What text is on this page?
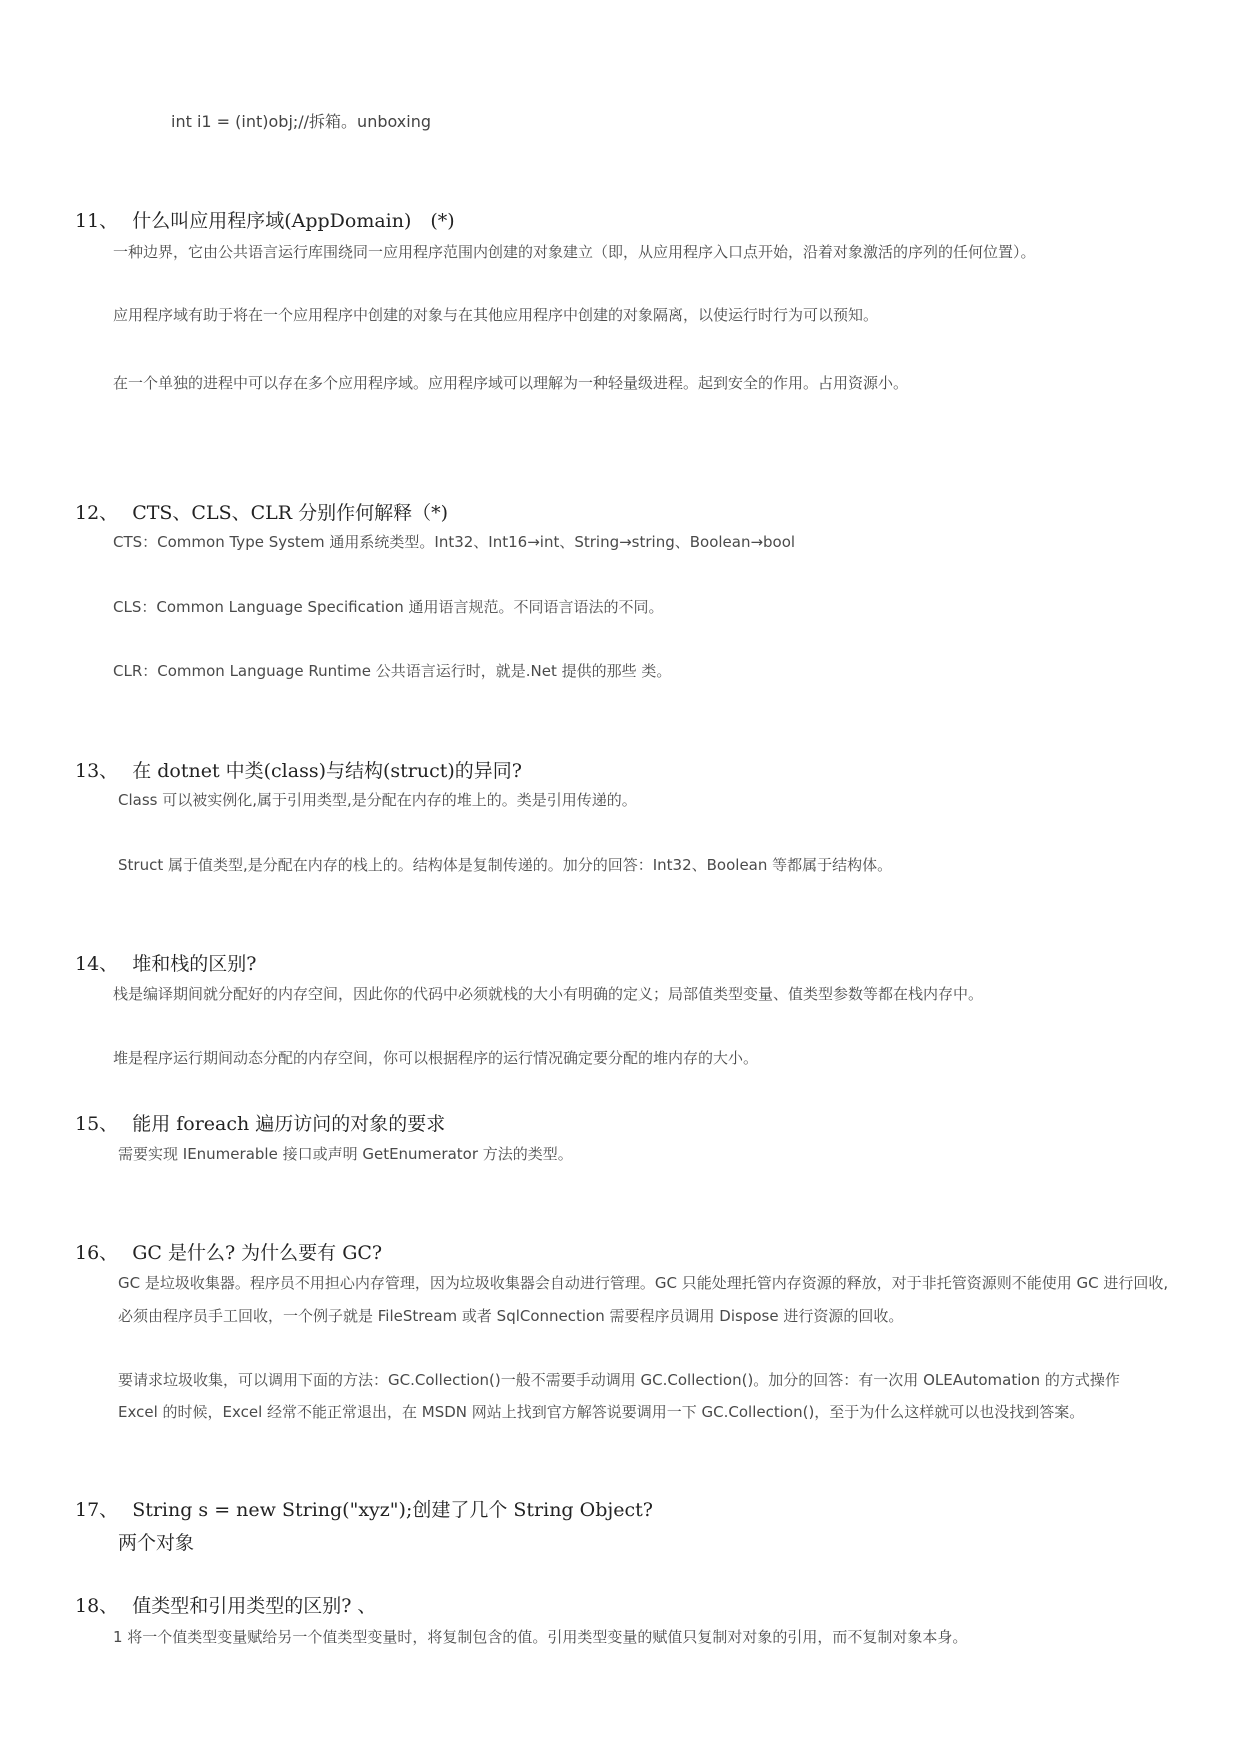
int i1 = (int)obj;//拆箱。unboxing
11、 什么叫应用程序域(AppDomain)　(*)
一种边界，它由公共语言运行库围绕同一应用程序范围内创建的对象建立（即，从应用程序入口点开始，沿着对象激活的序列的任何位置）。
应用程序域有助于将在一个应用程序中创建的对象与在其他应用程序中创建的对象隔离，以使运行时行为可以预知。
在一个单独的进程中可以存在多个应用程序域。应用程序域可以理解为一种轻量级进程。起到安全的作用。占用资源小。
12、 CTS、CLS、CLR 分别作何解释（*)
CTS：Common Type System 通用系统类型。Int32、Int16→int、String→string、Boolean→bool
CLS：Common Language Specification 通用语言规范。不同语言语法的不同。
CLR：Common Language Runtime 公共语言运行时，就是.Net 提供的那些 类。
13、 在 dotnet 中类(class)与结构(struct)的异同?
Class 可以被实例化,属于引用类型,是分配在内存的堆上的。类是引用传递的。
Struct 属于值类型,是分配在内存的栈上的。结构体是复制传递的。加分的回答：Int32、Boolean 等都属于结构体。
14、 堆和栈的区别?
栈是编译期间就分配好的内存空间，因此你的代码中必须就栈的大小有明确的定义；局部值类型变量、值类型参数等都在栈内存中。
堆是程序运行期间动态分配的内存空间，你可以根据程序的运行情况确定要分配的堆内存的大小。
15、 能用 foreach 遍历访问的对象的要求
需要实现 IEnumerable 接口或声明 GetEnumerator 方法的类型。
16、 GC 是什么? 为什么要有 GC?
GC 是垃圾收集器。程序员不用担心内存管理，因为垃圾收集器会自动进行管理。GC 只能处理托管内存资源的释放，对于非托管资源则不能使用 GC 进行回收,
必须由程序员手工回收，一个例子就是 FileStream 或者 SqlConnection 需要程序员调用 Dispose 进行资源的回收。
要请求垃圾收集，可以调用下面的方法：GC.Collection()一般不需要手动调用 GC.Collection()。加分的回答：有一次用 OLEAutomation 的方式操作
Excel 的时候，Excel 经常不能正常退出，在 MSDN 网站上找到官方解答说要调用一下 GC.Collection()，至于为什么这样就可以也没找到答案。
17、 String s = new String("xyz");创建了几个 String Object?
两个对象
18、 值类型和引用类型的区别? 、
1 将一个值类型变量赋给另一个值类型变量时，将复制包含的值。引用类型变量的赋值只复制对对象的引用，而不复制对象本身。
